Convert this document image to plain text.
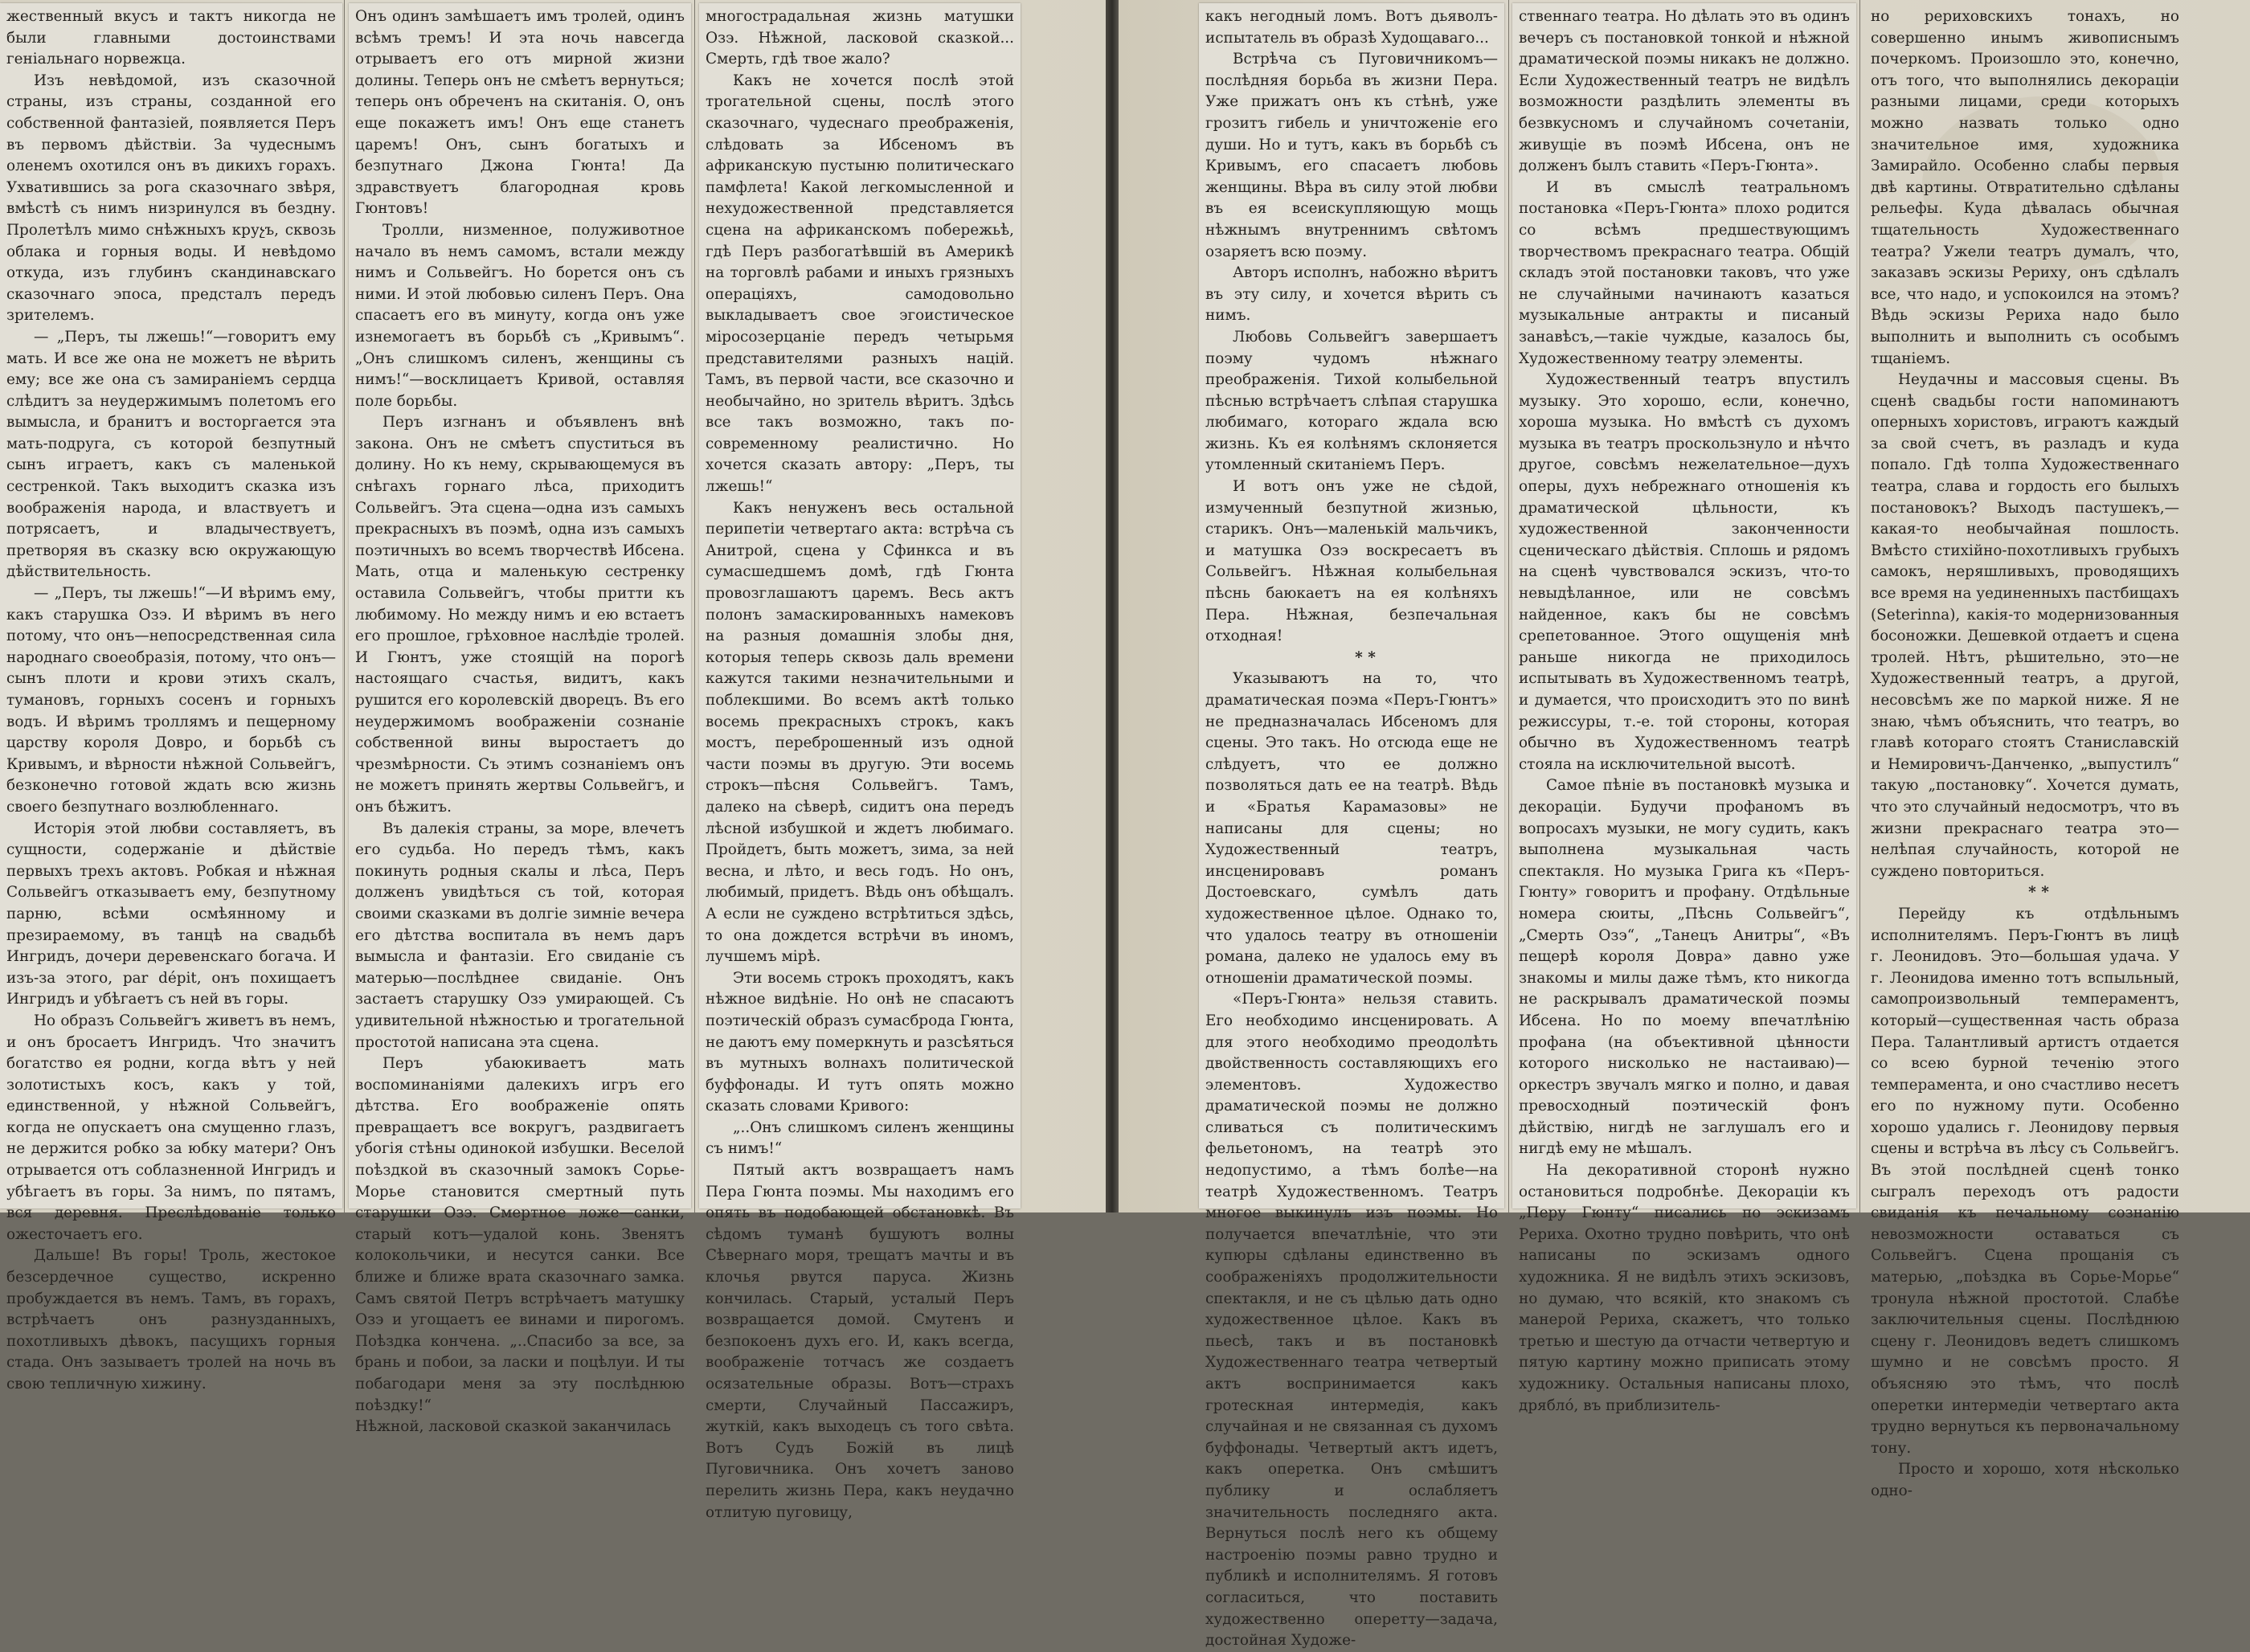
жественный вкусъ и тактъ никогда не были главными достоинствами геніальнаго норвежца.

Изъ невѣдомой, изъ сказочной страны, изъ страны, созданной его собственной фантазіей, появляется Перъ въ первомъ дѣйствіи. За чудеснымъ оленемъ охотился онъ въ дикихъ горахъ. Ухватившись за рога сказочнаго звѣря, вмѣстѣ съ нимъ низринулся въ бездну. Пролетѣлъ мимо снѣжныхъ круչъ, сквозь облака и горныя воды. И невѣдомо откуда, изъ глубинъ скандинавскаго сказочнаго эпоса, предсталъ передъ зрителемъ.

— „Перъ, ты лжешь!“—говоритъ ему мать. И все же она не можетъ не вѣрить ему; все же она съ замираніемъ сердца слѣдитъ за неудержимымъ полетомъ его вымысла, и бранитъ и восторгается эта мать-подруга, съ которой безпутный сынъ играетъ, какъ съ маленькой сестренкой. Такъ выходитъ сказка изъ воображенія народа, и властвуетъ и потрясаетъ, и владычествуетъ, претворяя въ сказку всю окружающую дѣйствительность.

— „Перъ, ты лжешь!“—И вѣримъ ему, какъ старушка Озэ. И вѣримъ въ него потому, что онъ—непосредственная сила народнаго своеобразія, потому, что онъ—сынъ плоти и крови этихъ скалъ, тумановъ, горныхъ сосенъ и горныхъ водъ. И вѣримъ троллямъ и пещерному царству короля Довро, и борьбѣ съ Кривымъ, и вѣрности нѣжной Сольвейгъ, безконечно готовой ждать всю жизнь своего безпутнаго возлюбленнаго.

Исторія этой любви составляетъ, въ сущности, содержаніе и дѣйствіе первыхъ трехъ актовъ. Робкая и нѣжная Сольвейгъ отказываетъ ему, безпутному парню, всѣми осмѣянному и презираемому, въ танцѣ на свадьбѣ Ингридъ, дочери деревенскаго богача. И изъ-за этого, par dépit, онъ похищаетъ Ингридъ и убѣгаетъ съ ней въ горы.

Но образъ Сольвейгъ живетъ въ немъ, и онъ бросаетъ Ингридъ. Что значитъ богатство ея родни, когда вѣтъ у ней золотистыхъ косъ, какъ у той, единственной, у нѣжной Сольвейгъ, когда не опускаетъ она смущенно глазъ, не держится робко за юбку матери? Онъ отрывается отъ соблазненной Ингридъ и убѣгаетъ въ горы. За нимъ, по пятамъ, вся деревня. Преслѣдованіе только ожесточаетъ его.

Дальше! Въ горы! Троль, жестокое безсердечное существо, искренно пробуждается въ немъ. Тамъ, въ горахъ, встрѣчаетъ онъ разнузданныхъ, похотливыхъ дѣвокъ, пасущихъ горныя стада. Онъ зазываетъ тролей на ночь въ свою тепличную хижину.

Онъ одинъ замѣшаетъ имъ тролей, одинъ всѣмъ тремъ! И эта ночь навсегда отрываетъ его отъ мирной жизни долины. Теперь онъ не смѣетъ вернуться; теперь онъ обреченъ на скитанія. О, онъ еще покажетъ имъ! Онъ еще станетъ царемъ! Онъ, сынъ богатыхъ и безпутнаго Джона Гюнта! Да здравствуетъ благородная кровь Гюнтовъ!

Тролли, низменное, полуживотное начало въ немъ самомъ, встали между нимъ и Сольвейгъ. Но борется онъ съ ними. И этой любовью силенъ Перъ. Она спасаетъ его въ минуту, когда онъ уже изнемогаетъ въ борьбѣ съ „Кривымъ“. „Онъ слишкомъ силенъ, женщины съ нимъ!“—восклицаетъ Кривой, оставляя поле борьбы.

Перъ изгнанъ и объявленъ внѣ закона. Онъ не смѣетъ спуститься въ долину. Но къ нему, скрывающемуся въ снѣгахъ горнаго лѣса, приходитъ Сольвейгъ. Эта сцена—одна изъ самыхъ прекрасныхъ въ поэмѣ, одна изъ самыхъ поэтичныхъ во всемъ творчествѣ Ибсена. Мать, отца и маленькую сестренку оставила Сольвейгъ, чтобы притти къ любимому. Но между нимъ и ею встаетъ его прошлое, грѣховное наслѣдіе тролей. И Гюнтъ, уже стоящій на порогѣ настоящаго счастья, видитъ, какъ рушится его королевскій дворецъ. Въ его неудержимомъ воображеніи сознаніе собственной вины выростаетъ до чрезмѣрности. Съ этимъ сознаніемъ онъ не можетъ принять жертвы Сольвейгъ, и онъ бѣжитъ.

Въ далекія страны, за море, влечетъ его судьба. Но передъ тѣмъ, какъ покинуть родныя скалы и лѣса, Перъ долженъ увидѣться съ той, которая своими сказками въ долгіе зимніе вечера его дѣтства воспитала въ немъ даръ вымысла и фантазіи. Его свиданіе съ матерью—послѣднее свиданіе. Онъ застаетъ старушку Озэ умирающей. Съ удивительной нѣжностью и трогательной простотой написана эта сцена.

Перъ убаюкиваетъ мать воспоминаніями далекихъ игръ его дѣтства. Его воображеніе опять превращаетъ все вокругъ, раздвигаетъ убогія стѣны одинокой избушки. Веселой поѣздкой въ сказочный замокъ Сорье-Морье становится смертный путь старушки Озэ. Смертное ложе—санки, старый котъ—удалой конь. Звенятъ колокольчики, и несутся санки. Все ближе и ближе врата сказочнаго замка. Самъ святой Петръ встрѣчаетъ матушку Озэ и угощаетъ ее винами и пирогомъ. Поѣздка кончена. „..Спасибо за все, за брань и побои, за ласки и поцѣлуи. И ты побагодари меня за эту послѣднюю поѣздку!“

Нѣжной, ласковой сказкой заканчилась

многострадальная жизнь матушки Озэ. Нѣжной, ласковой сказкой... Смерть, гдѣ твое жало?

Какъ не хочется послѣ этой трогательной сцены, послѣ этого сказочнаго, чудеснаго преображенія, слѣдовать за Ибсеномъ въ африканскую пустыню политическаго памфлета! Какой легкомысленной и нехудожественной представляется сцена на африканскомъ побережьѣ, гдѣ Перъ разбогатѣвшій въ Америкѣ на торговлѣ рабами и иныхъ грязныхъ операціяхъ, самодовольно выкладываетъ свое эгоистическое міросозерцаніе передъ четырьмя представителями разныхъ націй. Тамъ, въ первой части, все сказочно и необычайно, но зритель вѣритъ. Здѣсь все такъ возможно, такъ по-современному реалистично. Но хочется сказать автору: „Перъ, ты лжешь!“

Какъ ненуженъ весь остальной перипетіи четвертаго акта: встрѣча съ Анитрой, сцена у Сфинкса и въ сумасшедшемъ домѣ, гдѣ Гюнта провозглашаютъ царемъ. Весь актъ полонъ замаскированныхъ намековъ на разныя домашнія злобы дня, которыя теперь сквозь даль времени кажутся такими незначительными и поблекшими. Во всемъ актѣ только восемь прекрасныхъ строкъ, какъ мостъ, переброшенный изъ одной части поэмы въ другую. Эти восемь строкъ—пѣсня Сольвейгъ. Тамъ, далеко на сѣверѣ, сидитъ она передъ лѣсной избушкой и ждетъ любимаго. Пройдетъ, быть можетъ, зима, за ней весна, и лѣто, и весь годъ. Но онъ, любимый, придетъ. Вѣдь онъ обѣщалъ. А если не суждено встрѣтиться здѣсь, то она дождется встрѣчи въ иномъ, лучшемъ мірѣ.

Эти восемь строкъ проходятъ, какъ нѣжное видѣніе. Но онѣ не спасаютъ поэтическій образъ сумасброда Гюнта, не даютъ ему померкнуть и разсѣяться въ мутныхъ волнахъ политической буффонады. И тутъ опять можно сказать словами Кривого:

„..Онъ слишкомъ силенъ женщины съ нимъ!“

Пятый актъ возвращаетъ намъ Пера Гюнта поэмы. Мы находимъ его опять въ подобающей обстановкѣ. Въ сѣдомъ туманѣ бушуютъ волны Сѣвернаго моря, трещатъ мачты и въ клочья рвутся паруса. Жизнь кончилась. Старый, усталый Перъ возвращается домой. Смутенъ и безпокоенъ духъ его. И, какъ всегда, воображеніе тотчасъ же создаетъ осязательные образы. Вотъ—страхъ смерти, Случайный Пассажиръ, жуткій, какъ выходецъ съ того свѣта. Вотъ Судъ Божій въ лицѣ Пуговичника. Онъ хочетъ заново перелить жизнь Пера, какъ неудачно отлитую пуговицу,

какъ негодный ломъ. Вотъ дьяволъ-испытатель въ образѣ Худощаваго...

Встрѣча съ Пуговичникомъ—послѣдняя борьба въ жизни Пера. Уже прижатъ онъ къ стѣнѣ, уже грозитъ гибель и уничтоженіе его души. Но и тутъ, какъ въ борьбѣ съ Кривымъ, его спасаетъ любовь женщины. Вѣра въ силу этой любви въ ея всеискупляющую мощь нѣжнымъ внутреннимъ свѣтомъ озаряетъ всю поэму.

Авторъ исполнъ, набожно вѣритъ въ эту силу, и хочется вѣрить съ нимъ.

Любовь Сольвейгъ завершаетъ поэму чудомъ нѣжнаго преображенія. Тихой колыбельной пѣснью встрѣчаетъ слѣпая старушка любимаго, котораго ждала всю жизнь. Къ ея колѣнямъ склоняется утомленный скитаніемъ Перъ.

И вотъ онъ уже не сѣдой, измученный безпутной жизнью, старикъ. Онъ—маленькій мальчикъ, и матушка Озэ воскресаетъ въ Сольвейгъ. Нѣжная колыбельная пѣснь баюкаетъ на ея колѣняхъ Пера. Нѣжная, безпечальная отходная!

* *

Указываютъ на то, что драматическая поэма «Перъ-Гюнтъ» не предназначалась Ибсеномъ для сцены. Это такъ. Но отсюда еще не слѣдуетъ, что ее должно позволяться дать ее на театрѣ. Вѣдь и «Братья Карамазовы» не написаны для сцены; но Художественный театръ, инсценировавъ романъ Достоевскаго, сумѣлъ дать художественное цѣлое. Однако то, что удалось театру въ отношеніи романа, далеко не удалось ему въ отношеніи драматической поэмы.

«Перъ-Гюнта» нельзя ставить. Его необходимо инсценировать. А для этого необходимо преодолѣть двойственность составляющихъ его элементовъ. Художество драматической поэмы не должно сливаться съ политическимъ фельетономъ, на театрѣ это недопустимо, а тѣмъ болѣе—на театрѣ Художественномъ. Театръ многое выкинулъ изъ поэмы. Но получается впечатлѣніе, что эти купюры сдѣланы единственно въ соображеніяхъ продолжительности спектакля, и не съ цѣлью дать одно художественное цѣлое. Какъ въ пьесѣ, такъ и въ постановкѣ Художественнаго театра четвертый актъ воспринимается какъ гротескная интермедія, какъ случайная и не связанная съ духомъ буффонады. Четвертый актъ идетъ, какъ оперетка. Онъ смѣшитъ публику и ослабляетъ значительность последняго акта. Вернуться послѣ него къ общему настроенію поэмы равно трудно и публикѣ и исполнителямъ. Я готовъ согласиться, что поставить художественно оперетту—задача, достойная Художе-

ственнаго театра. Но дѣлать это въ одинъ вечеръ съ постановкой тонкой и нѣжной драматической поэмы никакъ не должно. Если Художественный театръ не видѣлъ возможности раздѣлить элементы въ безвкусномъ и случайномъ сочетаніи, живущіе въ поэмѣ Ибсена, онъ не долженъ былъ ставить «Перъ-Гюнта».

И въ смыслѣ театральномъ постановка «Перъ-Гюнта» плохо родится со всѣмъ предшествующимъ творчествомъ прекраснаго театра. Общій складъ этой постановки таковъ, что уже не случайными начинаютъ казаться музыкальные антракты и писаный занавѣсъ,—такіе чуждые, казалось бы, Художественному театру элементы.

Художественный театръ впустилъ музыку. Это хорошо, если, конечно, хороша музыка. Но вмѣстѣ съ духомъ музыка въ театръ проскользнуло и нѣчто другое, совсѣмъ нежелательное—духъ оперы, духъ небрежнаго отношенія къ драматической цѣльности, къ художественной законченности сценическаго дѣйствія. Сплошь и рядомъ на сценѣ чувствовался эскизъ, что-то невыдѣланное, или не совсѣмъ найденное, какъ бы не совсѣмъ срепетованное. Этого ощущенія мнѣ раньше никогда не приходилось испытывать въ Художественномъ театрѣ, и думается, что происходитъ это по винѣ режиссуры, т.-е. той стороны, которая обычно въ Художественномъ театрѣ стояла на исключительной высотѣ.

Самое пѣніе въ постановкѣ музыка и декораціи. Будучи профаномъ въ вопросахъ музыки, не могу судить, какъ выполнена музыкальная часть спектакля. Но музыка Грига къ «Перъ-Гюнту» говоритъ и профану. Отдѣльные номера сюиты, „Пѣснь Сольвейгъ“, „Смерть Озэ“, „Танецъ Анитры“, «Въ пещерѣ короля Довра» давно уже знакомы и милы даже тѣмъ, кто никогда не раскрывалъ драматической поэмы Ибсена. Но по моему впечатлѣнію профана (на объективной цѣнности которого нисколько не настаиваю)—оркестръ звучалъ мягко и полно, и давая превосходный поэтическій фонъ дѣйствію, нигдѣ не заглушалъ его и нигдѣ ему не мѣшалъ.

На декоративной сторонѣ нужно остановиться подробнѣе. Декораціи къ „Перу Гюнту“ писались по эскизамъ Рериха. Охотно трудно повѣрить, что онѣ написаны по эскизамъ одного художника. Я не видѣлъ этихъ эскизовъ, но думаю, что всякій, кто знакомъ съ манерой Рериха, скажетъ, что только третью и шестую да отчасти четвертую и пятую картину можно приписать этому художнику. Остальныя написаны плохо, дряблó, въ приблизитель-

но рериховскихъ тонахъ, но совершенно инымъ живописнымъ почеркомъ. Произошло это, конечно, отъ того, что выполнялись декораціи разными лицами, среди которыхъ можно назвать только одно значительное имя, художника Замирайло. Особенно слабы первыя двѣ картины. Отвратительно сдѣланы рельефы. Куда дѣвалась обычная тщательность Художественнаго театра? Ужели театръ думалъ, что, заказавъ эскизы Рериху, онъ сдѣлалъ все, что надо, и успокоился на этомъ? Вѣдь эскизы Рериха надо было выполнить и выполнить съ особымъ тщаніемъ.

Неудачны и массовыя сцены. Въ сценѣ свадьбы гости напоминаютъ оперныхъ хористовъ, играютъ каждый за свой счетъ, въ разладъ и куда попало. Гдѣ толпа Художественнаго театра, слава и гордость его былыхъ постановокъ? Выходъ пастушекъ,—какая-то необычайная пошлость. Вмѣсто стихійно-похотливыхъ грубыхъ самокъ, неряшливыхъ, проводящихъ все время на уединенныхъ пастбищахъ (Seterinna), какія-то модернизованныя босоножки. Дешевкой отдаетъ и сцена тролей. Нѣтъ, рѣшительно, это—не Художественный театръ, а другой, несовсѣмъ же по маркой ниже. Я не знаю, чѣмъ объяснить, что театръ, во главѣ котораго стоятъ Станиславскій и Немировичъ-Данченко, „выпустилъ“ такую „постановку“. Хочется думать, что это случайный недосмотръ, что въ жизни прекраснаго театра это—нелѣпая случайность, которой не суждено повториться.

* *

Перейду къ отдѣльнымъ исполнителямъ. Перъ-Гюнтъ въ лицѣ г. Леонидовъ. Это—большая удача. У г. Леонидова именно тотъ вспыльный, самопроизвольный темпераментъ, который—существенная часть образа Пера. Талантливый артистъ отдается со всею бурной теченію этого темперамента, и оно счастливо несетъ его по нужному пути. Особенно хорошо удались г. Леонидову первыя сцены и встрѣча въ лѣсу съ Сольвейгъ. Въ этой послѣдней сценѣ тонко сыгралъ переходъ отъ радости свиданія къ печальному сознанію невозможности оставаться съ Сольвейгъ. Сцена прощанія съ матерью, „поѣздка въ Сорье-Морье“ тронула нѣжной простотой. Слабѣе заключительныя сцены. Послѣднюю сцену г. Леонидовъ ведетъ слишкомъ шумно и не совсѣмъ просто. Я объясняю это тѣмъ, что послѣ оперетки интермедіи четвертаго акта трудно вернуться къ первоначальному тону.

Просто и хорошо, хотя нѣсколько одно-
